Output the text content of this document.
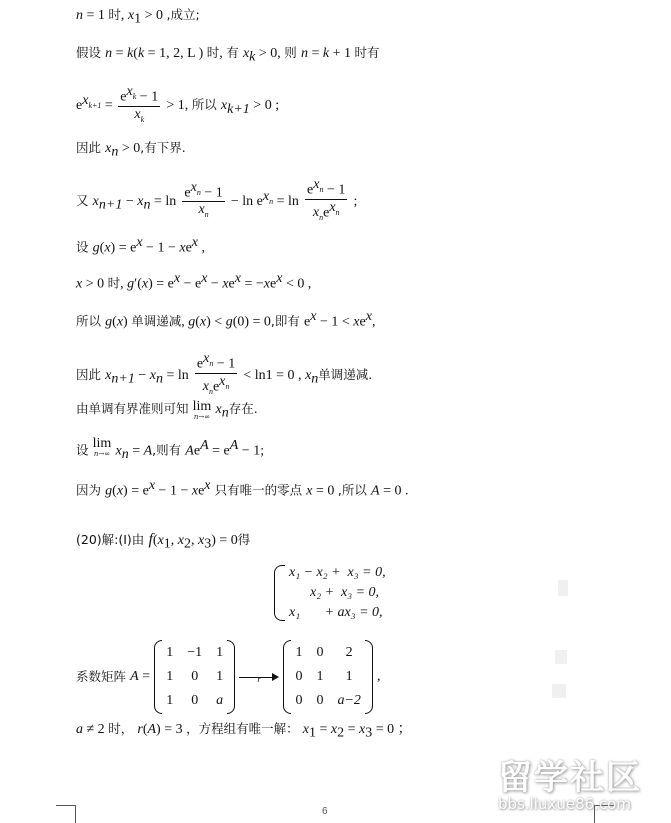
n = 1 时, $x_1 > 0$ ,成立;
假设 n = k(k = 1, 2, L ) 时, 有 $x_k > 0$, 则 n = k + 1 时有
$e^{x_{k+1}} = \frac{e^{x_k} - 1}{x_k} > 1$, 所以 $x_{k+1} > 0$ ;
因此 $x_n > 0$,有下界.
又 $x_{n+1} - x_n = \ln \frac{e^{x_n} - 1}{x_n} - \ln e^{x_n} = \ln \frac{e^{x_n} - 1}{x_ne^{x_n}}$ ;
设 $g(x) = e^x - 1 - xe^x$ ,
x > 0 时, $g'(x) = e^x - e^x - xe^x = -xe^x < 0$ ,
所以 g(x) 单调递减, g(x) < g(0) = 0,即有 $e^x - 1 < xe^x$,
因此 $x_{n+1} - x_n = \ln \frac{e^{x_n} - 1}{x_ne^{x_n}} < \ln 1 = 0$ , $x_n$单调递减.
由单调有界准则可知 lim
n→∞ $x_n$存在.
设 lim
n→∞ $x_n = A$,则有 $Ae^A = e^A - 1$;
因为 $g(x) = e^x - 1 - xe^x$ 只有唯一的零点 x = 0 ,所以 A = 0 .
(20)解:(I)由 $f(x_1$, $x_2$, $x_3) = 0$得
x₁ − x₂ +  x₃ = 0,
x₂ +  x₃ = 0,
x₁       + ax₃ = 0,
系数矩阵 A =
1 −1 1
1 0 1
1 0 a

r

1 0	2
0 1	1
0 0 a−2
,
a ≠ 2 时， r(A) = 3 ，方程组有唯一解： $x_1 = x_2 = x_3 = 0$ ；
6
留学社区
bbs.liuxue86.com
